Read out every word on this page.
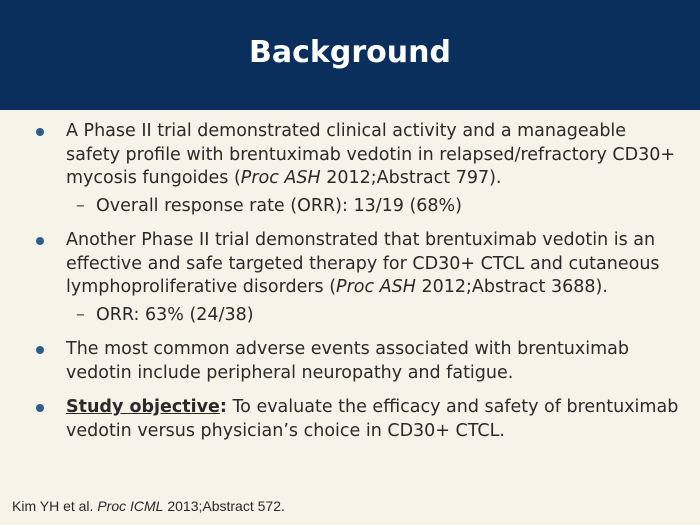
Background
A Phase II trial demonstrated clinical activity and a manageable safety profile with brentuximab vedotin in relapsed/refractory CD30+ mycosis fungoides (Proc ASH 2012;Abstract 797).
– Overall response rate (ORR): 13/19 (68%)
Another Phase II trial demonstrated that brentuximab vedotin is an effective and safe targeted therapy for CD30+ CTCL and cutaneous lymphoproliferative disorders (Proc ASH 2012;Abstract 3688).
– ORR: 63% (24/38)
The most common adverse events associated with brentuximab vedotin include peripheral neuropathy and fatigue.
Study objective: To evaluate the efficacy and safety of brentuximab vedotin versus physician’s choice in CD30+ CTCL.
Kim YH et al. Proc ICML 2013;Abstract 572.
